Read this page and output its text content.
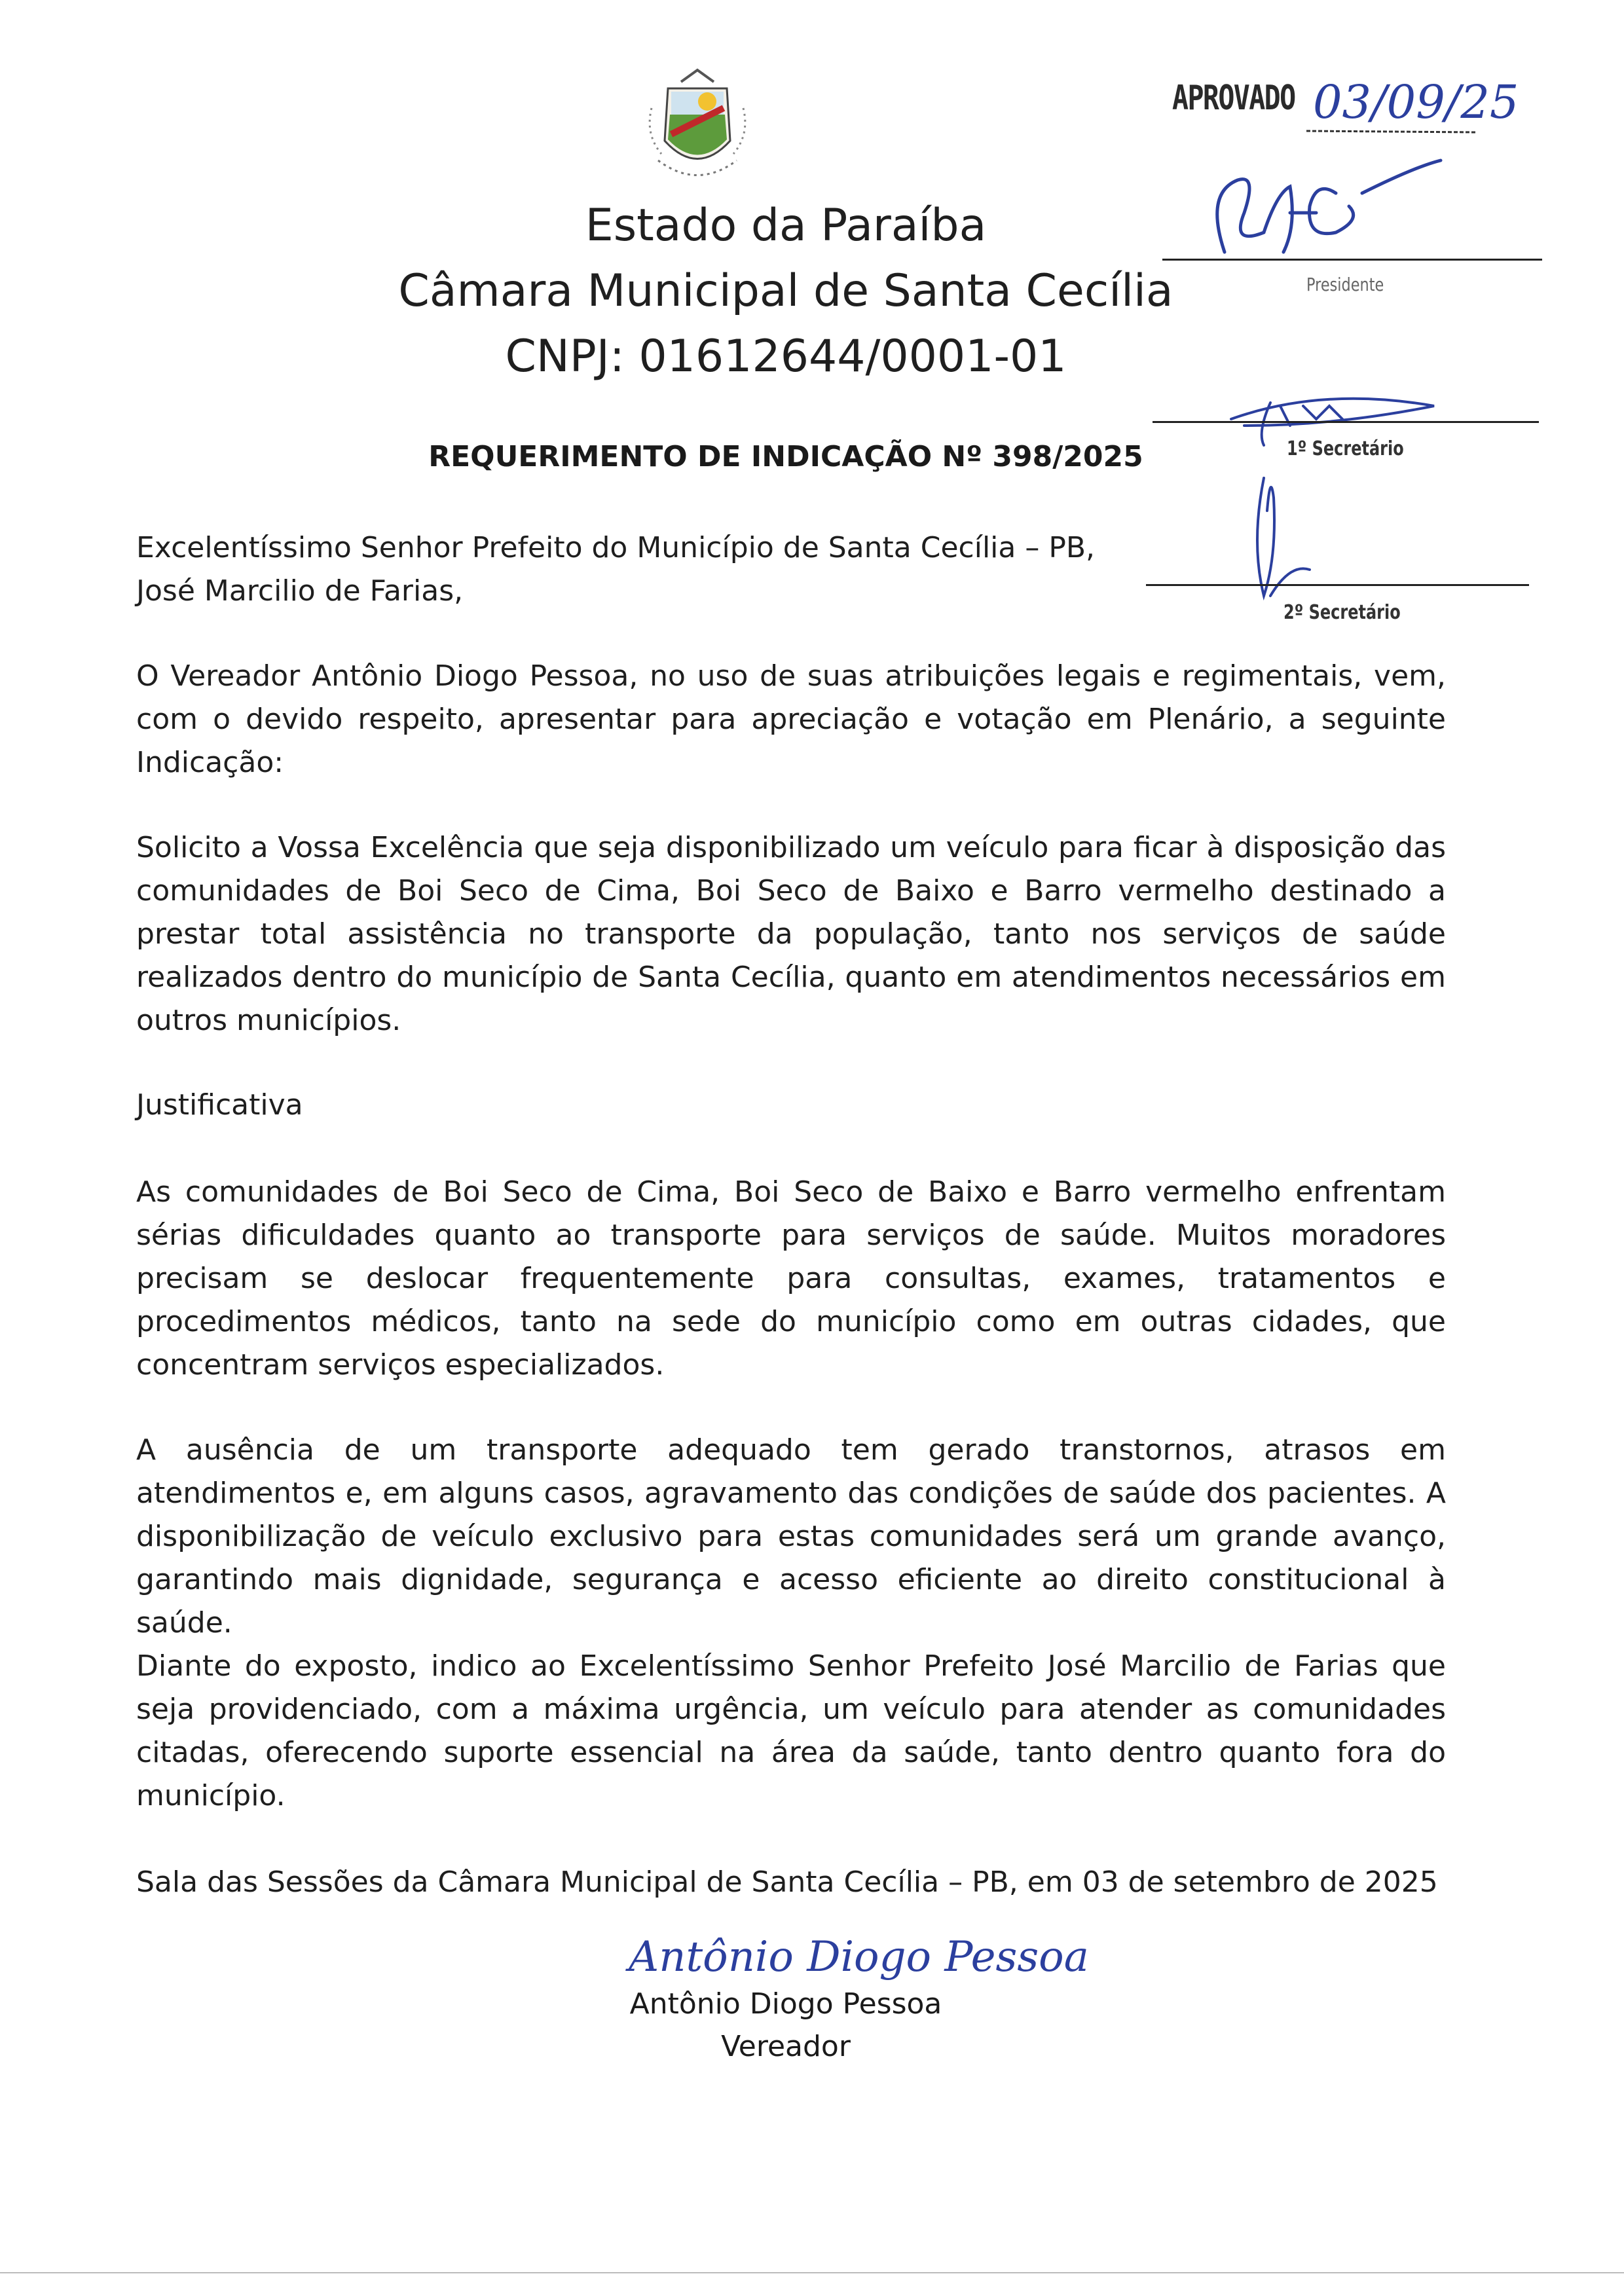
Estado da Paraíba
Câmara Municipal de Santa Cecília
CNPJ: 01612644/0001-01
APROVADO 03/09/25
Presidente
1º Secretário
2º Secretário
REQUERIMENTO DE INDICAÇÃO Nº 398/2025
Excelentíssimo Senhor Prefeito do Município de Santa Cecília – PB,
José Marcilio de Farias,
O Vereador Antônio Diogo Pessoa, no uso de suas atribuições legais e regimentais, vem, com o devido respeito, apresentar para apreciação e votação em Plenário, a seguinte Indicação:
Solicito a Vossa Excelência que seja disponibilizado um veículo para ficar à disposição das comunidades de Boi Seco de Cima, Boi Seco de Baixo e Barro vermelho destinado a prestar total assistência no transporte da população, tanto nos serviços de saúde realizados dentro do município de Santa Cecília, quanto em atendimentos necessários em outros municípios.
Justificativa
As comunidades de Boi Seco de Cima, Boi Seco de Baixo e Barro vermelho enfrentam sérias dificuldades quanto ao transporte para serviços de saúde. Muitos moradores precisam se deslocar frequentemente para consultas, exames, tratamentos e procedimentos médicos, tanto na sede do município como em outras cidades, que concentram serviços especializados.
A ausência de um transporte adequado tem gerado transtornos, atrasos em atendimentos e, em alguns casos, agravamento das condições de saúde dos pacientes. A disponibilização de veículo exclusivo para estas comunidades será um grande avanço, garantindo mais dignidade, segurança e acesso eficiente ao direito constitucional à saúde.
Diante do exposto, indico ao Excelentíssimo Senhor Prefeito José Marcilio de Farias que seja providenciado, com a máxima urgência, um veículo para atender as comunidades citadas, oferecendo suporte essencial na área da saúde, tanto dentro quanto fora do município.
Sala das Sessões da Câmara Municipal de Santa Cecília – PB, em 03 de setembro de 2025
Antônio Diogo Pessoa
Antônio Diogo Pessoa
Vereador
